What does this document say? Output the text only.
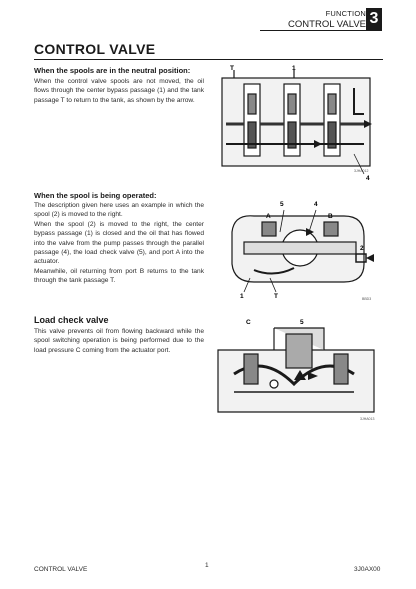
FUNCTION
CONTROL VALVE 3
CONTROL VALVE
When the spools are in the neutral position:
When the control valve spools are not moved, the oil flows through the center bypass passage (1) and the tank passage T to return to the tank, as shown by the arrow.
T	1
4
3JHA012
When the spool is being operated:
The description given here uses an example in which the spool (2) is moved to the right.
When the spool (2) is moved to the right, the center bypass passage (1) is closed and the oil that has flowed into the valve from the pump passes through the parallel passage (4), the load check valve (5), and port A into the actuator.
Meanwhile, oil returning from port B returns to the tank through the tank passage T.
5	4
A	B
1	T
2
BBD3
Load check valve
This valve prevents oil from flowing backward while the spool switching operation is being performed due to the load pressure C coming from the actuator port.
C	5
3JHA013
CONTROL VALVE
1
3J0AX00
